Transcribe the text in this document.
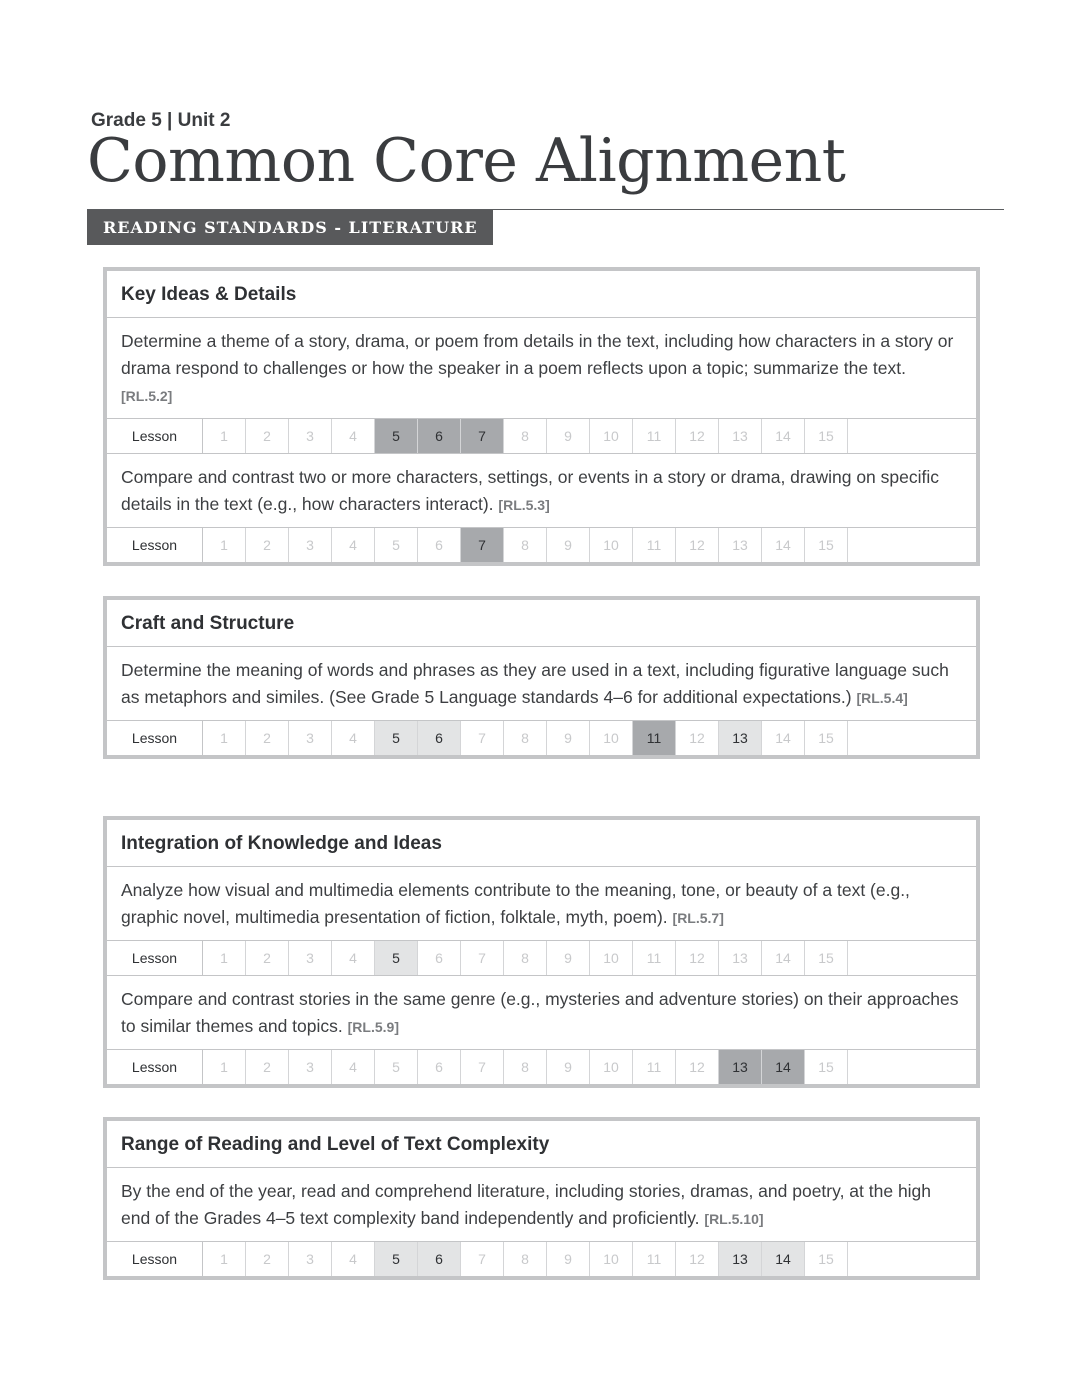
Grade 5 | Unit 2
Common Core Alignment
READING STANDARDS - LITERATURE
Key Ideas & Details
Determine a theme of a story, drama, or poem from details in the text, including how characters in a story or drama respond to challenges or how the speaker in a poem reflects upon a topic; summarize the text. [RL.5.2]
Lesson	1	2	3	4	5	6	7	8	9	10	11	12	13	14	15
Compare and contrast two or more characters, settings, or events in a story or drama, drawing on specific details in the text (e.g., how characters interact). [RL.5.3]
Lesson	1	2	3	4	5	6	7	8	9	10	11	12	13	14	15
Craft and Structure
Determine the meaning of words and phrases as they are used in a text, including figurative language such as metaphors and similes. (See Grade 5 Language standards 4–6 for additional expectations.) [RL.5.4]
Lesson	1	2	3	4	5	6	7	8	9	10	11	12	13	14	15
Integration of Knowledge and Ideas
Analyze how visual and multimedia elements contribute to the meaning, tone, or beauty of a text (e.g., graphic novel, multimedia presentation of fiction, folktale, myth, poem). [RL.5.7]
Lesson	1	2	3	4	5	6	7	8	9	10	11	12	13	14	15
Compare and contrast stories in the same genre (e.g., mysteries and adventure stories) on their approaches to similar themes and topics. [RL.5.9]
Lesson	1	2	3	4	5	6	7	8	9	10	11	12	13	14	15
Range of Reading and Level of Text Complexity
By the end of the year, read and comprehend literature, including stories, dramas, and poetry, at the high end of the Grades 4–5 text complexity band independently and proficiently. [RL.5.10]
Lesson	1	2	3	4	5	6	7	8	9	10	11	12	13	14	15
